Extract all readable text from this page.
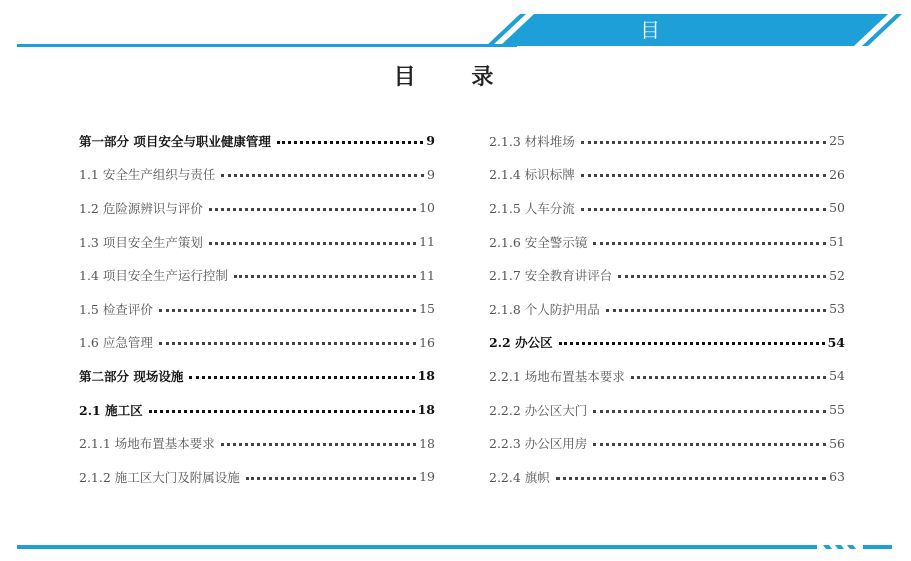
目 录
目 录
第一部分 项目安全与职业健康管理	9
1.1 安全生产组织与责任	9
1.2 危险源辨识与评价	10
1.3 项目安全生产策划	11
1.4 项目安全生产运行控制	11
1.5 检查评价	15
1.6 应急管理	16
第二部分 现场设施	18
2.1 施工区	18
2.1.1 场地布置基本要求	18
2.1.2 施工区大门及附属设施	19
2.1.3 材料堆场	25
2.1.4 标识标牌	26
2.1.5 人车分流	50
2.1.6 安全警示镜	51
2.1.7 安全教育讲评台	52
2.1.8 个人防护用品	53
2.2 办公区	54
2.2.1 场地布置基本要求	54
2.2.2 办公区大门	55
2.2.3 办公区用房	56
2.2.4 旗帜	63
